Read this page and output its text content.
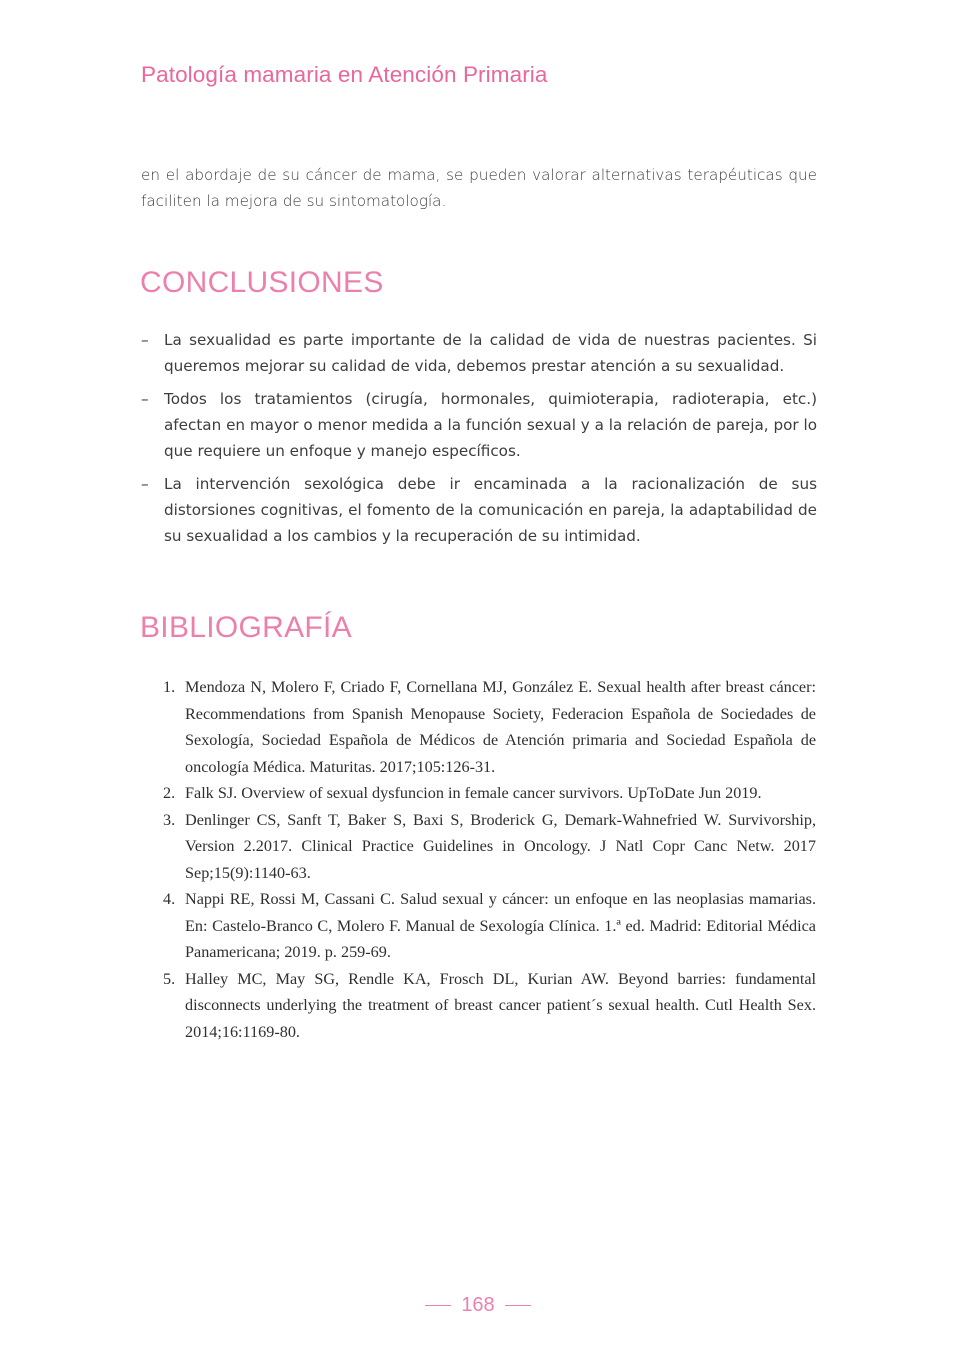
Patología mamaria en Atención Primaria

en el abordaje de su cáncer de mama, se pueden valorar alternativas terapéuticas que faciliten la mejora de su sintomatología.

CONCLUSIONES
– La sexualidad es parte importante de la calidad de vida de nuestras pacientes. Si queremos mejorar su calidad de vida, debemos prestar atención a su sexualidad.
– Todos los tratamientos (cirugía, hormonales, quimioterapia, radioterapia, etc.) afectan en mayor o menor medida a la función sexual y a la relación de pareja, por lo que requiere un enfoque y manejo específicos.
– La intervención sexológica debe ir encaminada a la racionalización de sus distorsiones cognitivas, el fomento de la comunicación en pareja, la adaptabilidad de su sexualidad a los cambios y la recuperación de su intimidad.
BIBLIOGRAFÍA
1. Mendoza N, Molero F, Criado F, Cornellana MJ, González E. Sexual health after breast cáncer: Recommendations from Spanish Menopause Society, Federacion Española de Sociedades de Sexología, Sociedad Española de Médicos de Atención primaria and Sociedad Española de oncología Médica. Maturitas. 2017;105:126-31.
2. Falk SJ. Overview of sexual dysfuncion in female cancer survivors. UpToDate Jun 2019.
3. Denlinger CS, Sanft T, Baker S, Baxi S, Broderick G, Demark-Wahnefried W. Survivorship, Version 2.2017. Clinical Practice Guidelines in Oncology. J Natl Copr Canc Netw. 2017 Sep;15(9):1140-63.
4. Nappi RE, Rossi M, Cassani C. Salud sexual y cáncer: un enfoque en las neoplasias mamarias. En: Castelo-Branco C, Molero F. Manual de Sexología Clínica. 1.ª ed. Madrid: Editorial Médica Panamericana; 2019. p. 259-69.
5. Halley MC, May SG, Rendle KA, Frosch DL, Kurian AW. Beyond barries: fundamental disconnects underlying the treatment of breast cancer patient´s sexual health. Cutl Health Sex. 2014;16:1169-80.
168
